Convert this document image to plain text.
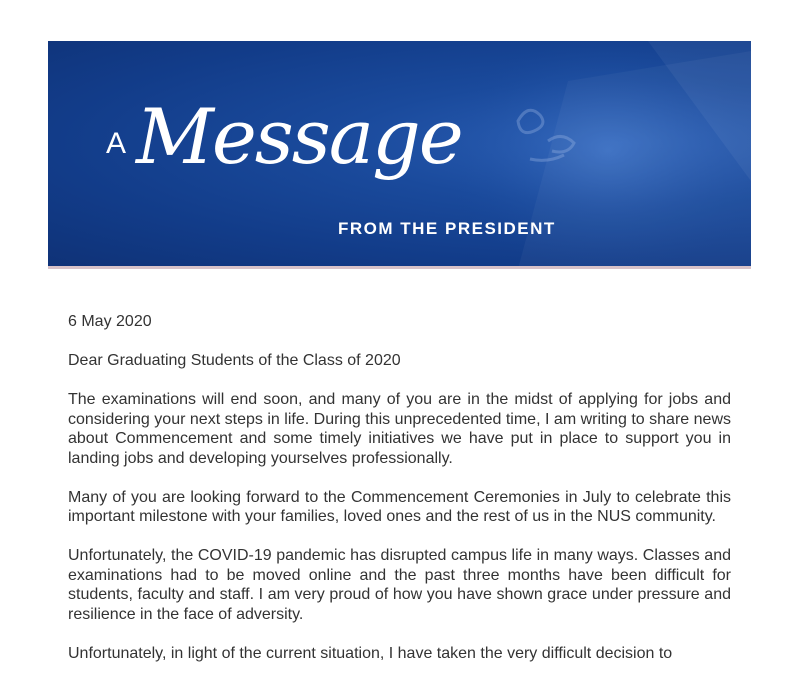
A Message
FROM THE PRESIDENT

6 May 2020

Dear Graduating Students of the Class of 2020

The examinations will end soon, and many of you are in the midst of applying for jobs and considering your next steps in life. During this unprecedented time, I am writing to share news about Commencement and some timely initiatives we have put in place to support you in landing jobs and developing yourselves professionally.

Many of you are looking forward to the Commencement Ceremonies in July to celebrate this important milestone with your families, loved ones and the rest of us in the NUS community.

Unfortunately, the COVID-19 pandemic has disrupted campus life in many ways. Classes and examinations had to be moved online and the past three months have been difficult for students, faculty and staff. I am very proud of how you have shown grace under pressure and resilience in the face of adversity.

Unfortunately, in light of the current situation, I have taken the very difficult decision to
